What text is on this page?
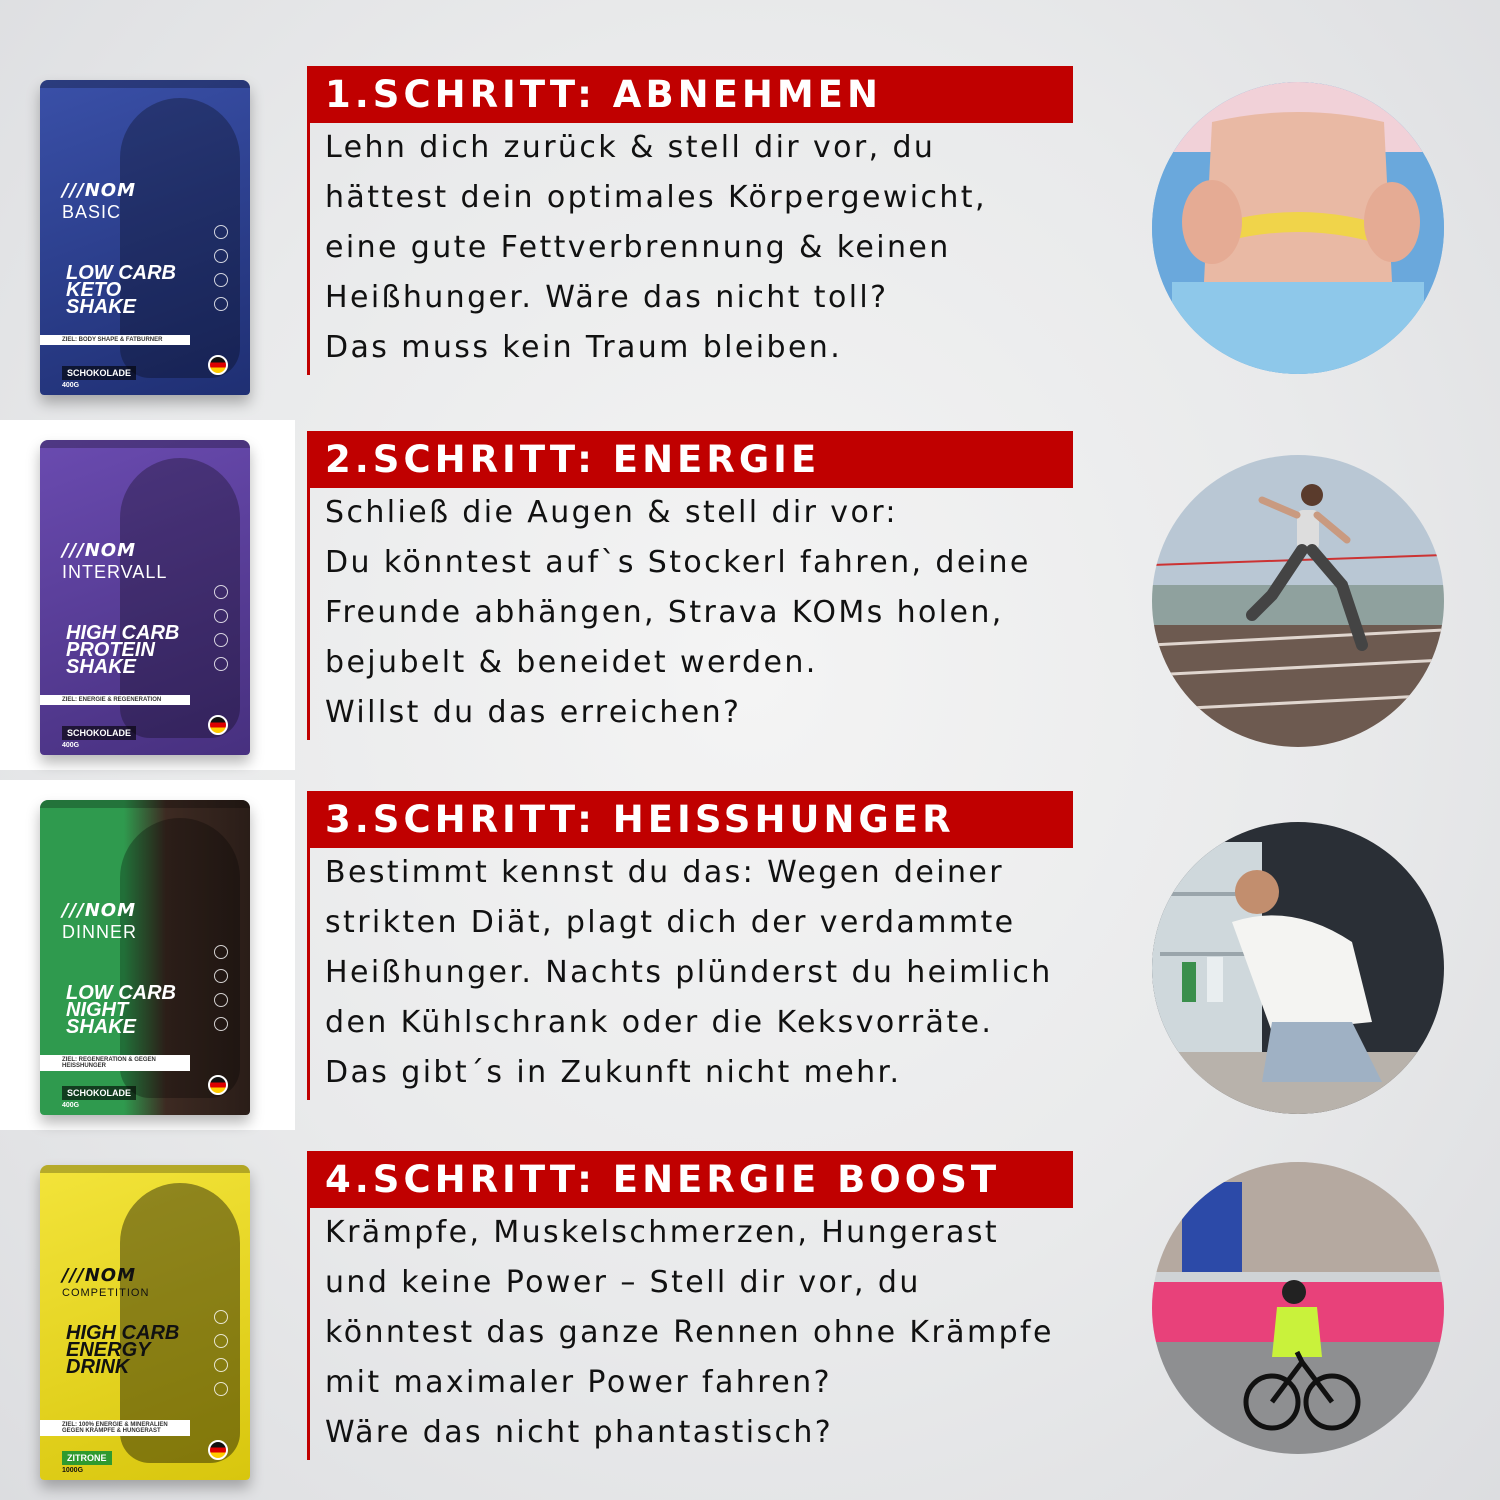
///NOM
BASIC
LOW CARB KETO SHAKE
ZIEL: BODY SHAPE & FATBURNER
SCHOKOLADE
400G
1.SCHRITT: ABNEHMEN

Lehn dich zurück & stell dir vor, du

hättest dein optimales Körpergewicht,

eine gute Fettverbrennung & keinen

Heißhunger. Wäre das nicht toll?

Das muss kein Traum bleiben.

///NOM
INTERVALL
HIGH CARB PROTEIN SHAKE
ZIEL: ENERGIE & REGENERATION
SCHOKOLADE
400G
2.SCHRITT: ENERGIE

Schließ die Augen & stell dir vor:

Du könntest auf`s Stockerl fahren, deine

Freunde abhängen, Strava KOMs holen,

bejubelt & beneidet werden.

Willst du das erreichen?

///NOM
DINNER
LOW CARB NIGHT SHAKE
ZIEL: REGENERATION & GEGEN HEISSHUNGER
SCHOKOLADE
400G
3.SCHRITT: HEISSHUNGER

Bestimmt kennst du das: Wegen deiner

strikten Diät, plagt dich der verdammte

Heißhunger. Nachts plünderst du heimlich

den Kühlschrank oder die Keksvorräte.

Das gibt´s in Zukunft nicht mehr.

///NOM
COMPETITION
HIGH CARB ENERGY DRINK
ZIEL: 100% ENERGIE & MINERALIEN GEGEN KRÄMPFE & HUNGERAST
ZITRONE
1000G
4.SCHRITT: ENERGIE BOOST

Krämpfe, Muskelschmerzen, Hungerast

und keine Power – Stell dir vor, du

könntest das ganze Rennen ohne Krämpfe

mit maximaler Power fahren?

Wäre das nicht phantastisch?
